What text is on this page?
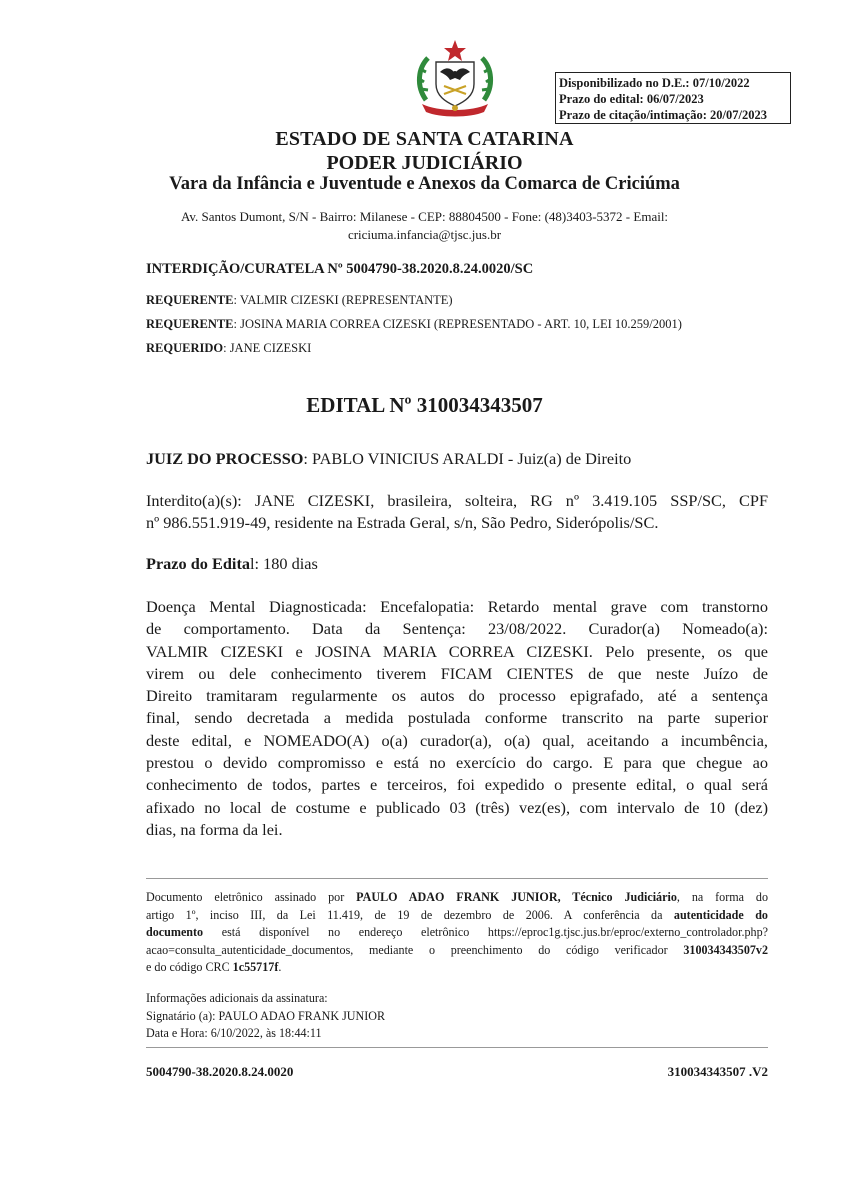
Disponibilizado no D.E.: 07/10/2022
Prazo do edital: 06/07/2023
Prazo de citação/intimação: 20/07/2023
ESTADO DE SANTA CATARINA
PODER JUDICIÁRIO
Vara da Infância e Juventude e Anexos da Comarca de Criciúma
Av. Santos Dumont, S/N - Bairro: Milanese - CEP: 88804500 - Fone: (48)3403-5372 - Email:
criciuma.infancia@tjsc.jus.br
INTERDIÇÃO/CURATELA Nº 5004790-38.2020.8.24.0020/SC
REQUERENTE: VALMIR CIZESKI (REPRESENTANTE)
REQUERENTE: JOSINA MARIA CORREA CIZESKI (REPRESENTADO - ART. 10, LEI 10.259/2001)
REQUERIDO: JANE CIZESKI
EDITAL Nº 310034343507
JUIZ DO PROCESSO: PABLO VINICIUS ARALDI - Juiz(a) de Direito
Interdito(a)(s): JANE CIZESKI, brasileira, solteira, RG nº 3.419.105 SSP/SC, CPF
nº 986.551.919-49, residente na Estrada Geral, s/n, São Pedro, Siderópolis/SC.
Prazo do Edital: 180 dias
Doença Mental Diagnosticada: Encefalopatia: Retardo mental grave com transtorno
de comportamento. Data da Sentença: 23/08/2022. Curador(a) Nomeado(a):
VALMIR CIZESKI e JOSINA MARIA CORREA CIZESKI. Pelo presente, os que
virem ou dele conhecimento tiverem FICAM CIENTES de que neste Juízo de
Direito tramitaram regularmente os autos do processo epigrafado, até a sentença
final, sendo decretada a medida postulada conforme transcrito na parte superior
deste edital, e NOMEADO(A) o(a) curador(a), o(a) qual, aceitando a incumbência,
prestou o devido compromisso e está no exercício do cargo. E para que chegue ao
conhecimento de todos, partes e terceiros, foi expedido o presente edital, o qual será
afixado no local de costume e publicado 03 (três) vez(es), com intervalo de 10 (dez)
dias, na forma da lei.
Documento eletrônico assinado por PAULO ADAO FRANK JUNIOR, Técnico Judiciário, na forma do
artigo 1º, inciso III, da Lei 11.419, de 19 de dezembro de 2006. A conferência da autenticidade do
documento está disponível no endereço eletrônico https://eproc1g.tjsc.jus.br/eproc/externo_controlador.php?
acao=consulta_autenticidade_documentos, mediante o preenchimento do código verificador 310034343507v2
e do código CRC 1c55717f.
Informações adicionais da assinatura:
Signatário (a): PAULO ADAO FRANK JUNIOR
Data e Hora: 6/10/2022, às 18:44:11
5004790-38.2020.8.24.0020	310034343507 .V2
